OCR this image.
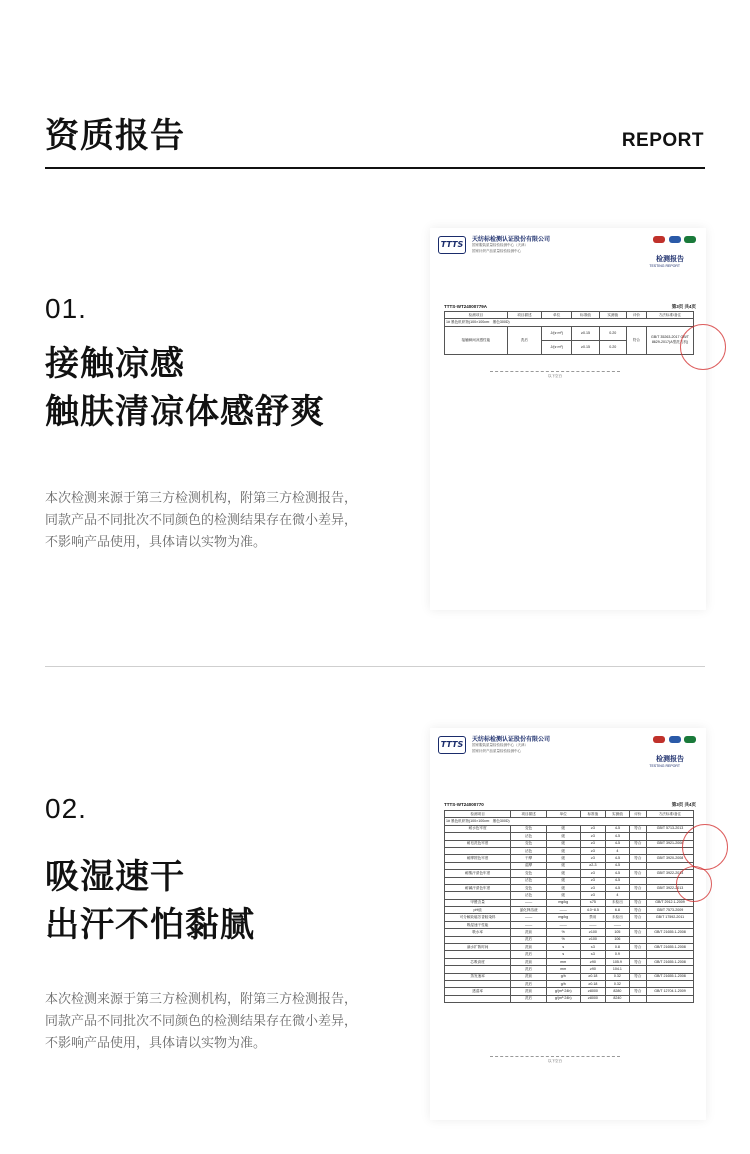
资质报告	REPORT
01.
接触凉感
触肤清凉体感舒爽
本次检测来源于第三方检测机构，附第三方检测报告，
同款产品不同批次不同颜色的检测结果存在微小差异，
不影响产品使用，具体请以实物为准。
TTTS	天纺标检测认证股份有限公司
国家服装质量检验检测中心（天津）
国家针织产品质量检验检测中心

检测报告
TESTING REPORT
TTTS-WT24000779A	第3页 共4页
检测项目	项目描述	单位	标准值	实测值	评价	方法标准/备注
1# 墨色机织物(100×100cm：墨色300D)						
接触瞬间凉感性能	洗后	J/(s·m²)	≥0.15	0.20	符合	GB/T 35263-2017 GB/T 8629-2017(A型洗衣机)
		J/(s·m²)	≥0.15	0.20		
以下空白
02.
吸湿速干
出汗不怕黏腻
本次检测来源于第三方检测机构，附第三方检测报告，
同款产品不同批次不同颜色的检测结果存在微小差异，
不影响产品使用，具体请以实物为准。
TTTS	天纺标检测认证股份有限公司
国家服装质量检验检测中心（天津）
国家针织产品质量检验检测中心

检测报告
TESTING REPORT
TTTS-WT24000770	第3页 共4页
检测项目	项目描述	单位	标准值	实测值	评价	方法标准/备注
1# 墨色机织物(100×100cm：墨色300D)						
耐水色牢度	变色	级	≥3	4-5	符合	GB/T 5713-2013
	沾色	级	≥3	4-5		
耐皂洗色牢度	变色	级	≥3	4-5	符合	GB/T 3921-2008
	沾色	级	≥3	4		
耐摩擦色牢度	干摩	级	≥3	4-5	符合	GB/T 3920-2008
	湿摩	级	≥2-3	4-5		
耐酸汗渍色牢度	变色	级	≥3	4-5	符合	GB/T 3922-2013
	沾色	级	≥3	4-5		
耐碱汗渍色牢度	变色	级	≥3	4-5	符合	GB/T 3922-2013
	沾色	级	≥3	4		
甲醛含量	——	mg/kg	≤75	未检出	符合	GB/T 2912.1-2009
pH值	氯化钾溶液	——	4.0~8.5	6.8	符合	GB/T 7573-2009
可分解致癌芳香胺染料	——	mg/kg	禁用	未检出	符合	GB/T 17592-2011
吸湿速干性能	——	——	——	——		
吸水率	洗前	%	≥100	105	符合	GB/T 21655.1-2008
	洗后	%	≥100	106		
滴水扩散时间	洗前	s	≤3	0.8	符合	GB/T 21655.1-2008
	洗后	s	≤3	0.9		
芯吸高度	洗前	mm	≥90	105.9	符合	GB/T 21655.1-2008
	洗后	mm	≥90	104.1		
蒸发速率	洗前	g/h	≥0.18	0.32	符合	GB/T 21655.1-2008
	洗后	g/h	≥0.18	0.32		
透湿率	洗前	g/(m²·24h)	≥8000	8280	符合	GB/T 12704.1-2009
	洗后	g/(m²·24h)	≥8000	8240		
以下空白
